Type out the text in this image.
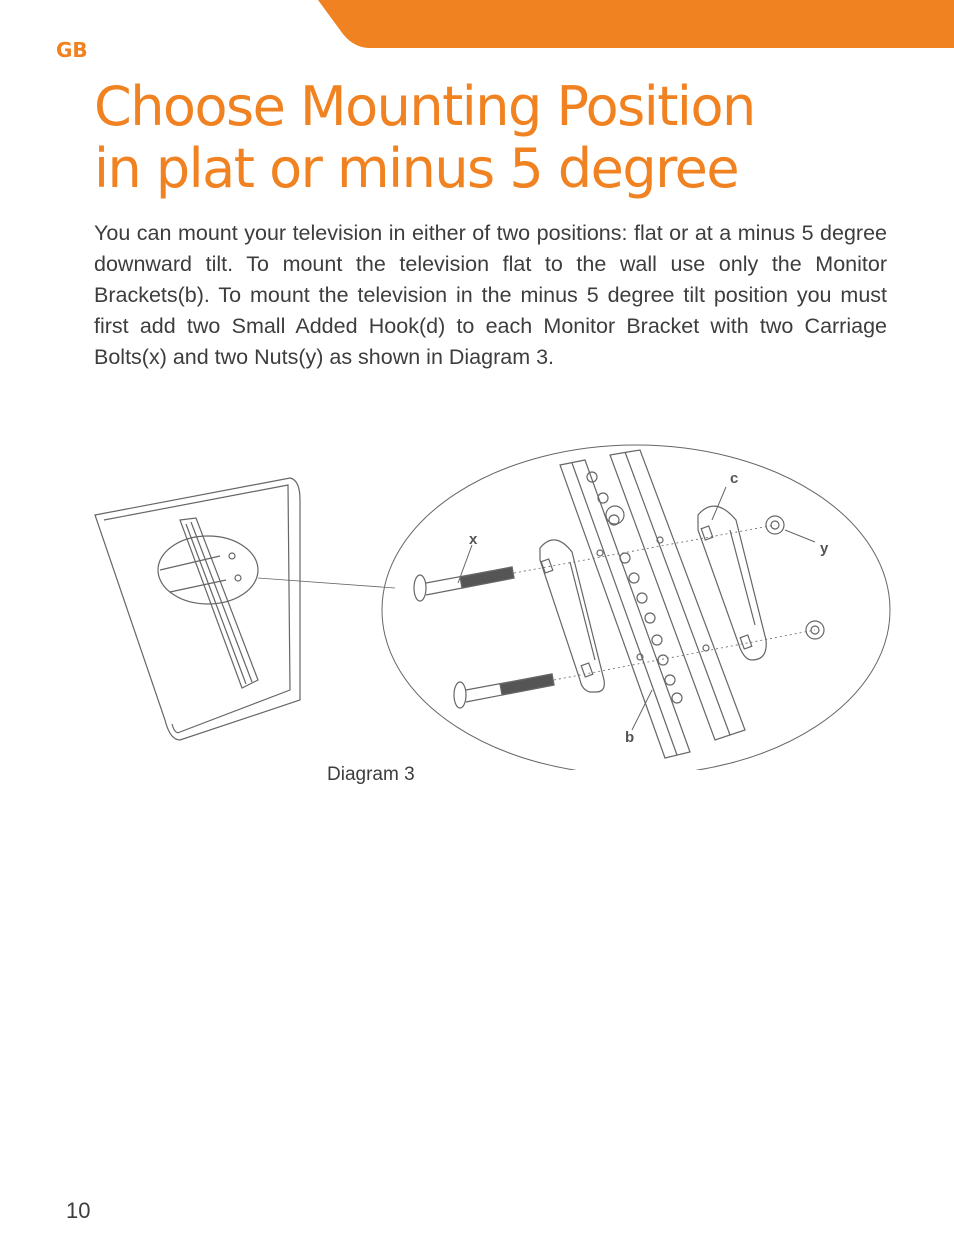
GB
Choose Mounting Position
in plat or minus 5 degree

You can mount your television in either of two positions: flat or at a minus 5 degree downward tilt. To mount the television flat to the wall use only the Monitor Brackets(b). To mount the television in the minus 5 degree tilt position you must first add two Small Added Hook(d) to each Monitor Bracket with two Carriage Bolts(x) and two Nuts(y) as shown in Diagram 3.

x
c
y
b
Diagram 3
10
